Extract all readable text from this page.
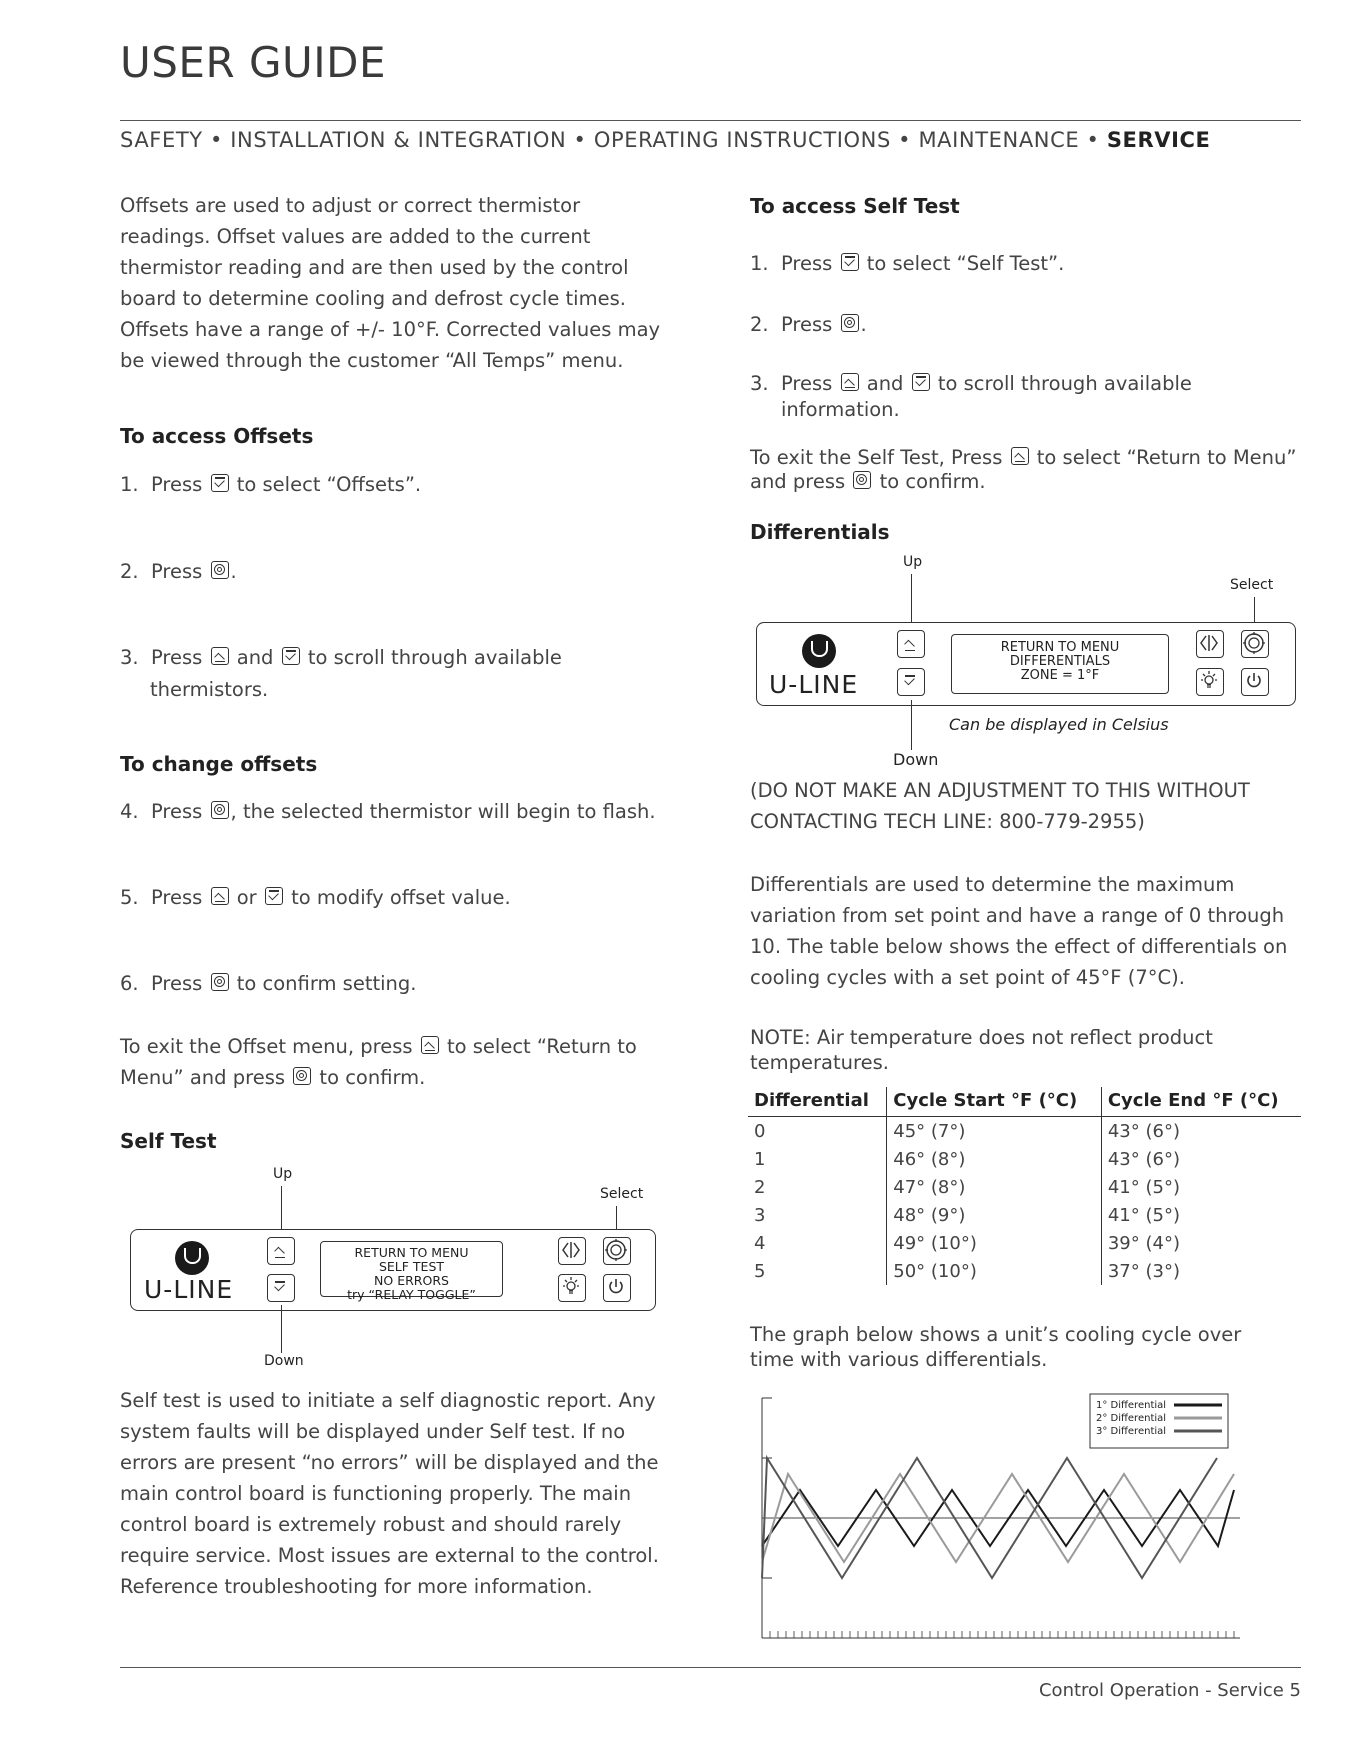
USER GUIDE
SAFETY • INSTALLATION & INTEGRATION • OPERATING INSTRUCTIONS • MAINTENANCE • SERVICE

Offsets are used to adjust or correct thermistor readings. Offset values are added to the current thermistor reading and are then used by the control board to determine cooling and defrost cycle times. Offsets have a range of +/- 10°F. Corrected values may be viewed through the customer “All Temps” menu.

To access Offsets
1. Press to select “Offsets”.
2. Press .
3. Press and to scroll through available
thermistors.
To change offsets
4. Press , the selected thermistor will begin to flash.
5. Press or to modify offset value.
6. Press to confirm setting.
To exit the Offset menu, press to select “Return to
Menu” and press to confirm.
Self Test
Up
Select
U-LINE
RETURN TO MENU
SELF TEST
NO ERRORS
try “RELAY TOGGLE”
Down

Self test is used to initiate a self diagnostic report. Any system faults will be displayed under Self test. If no errors are present “no errors” will be displayed and the main control board is functioning properly. The main control board is extremely robust and should rarely require service. Most issues are external to the control. Reference troubleshooting for more information.

To access Self Test
1. Press to select “Self Test”.
2. Press .
3. Press and to scroll through available
information.
To exit the Self Test, Press to select “Return to Menu”
and press to confirm.
Differentials
Up
Select
U-LINE
RETURN TO MENU
DIFFERENTIALS
ZONE = 1°F
Can be displayed in Celsius
Down

(DO NOT MAKE AN ADJUSTMENT TO THIS WITHOUT CONTACTING TECH LINE: 800-779-2955)

Differentials are used to determine the maximum variation from set point and have a range of 0 through 10. The table below shows the effect of differentials on cooling cycles with a set point of 45°F (7°C).

NOTE: Air temperature does not reflect product temperatures.

Differential	Cycle Start °F (°C)	Cycle End °F (°C)
0	45° (7°)	43° (6°)
1	46° (8°)	43° (6°)
2	47° (8°)	41° (5°)
3	48° (9°)	41° (5°)
4	49° (10°)	39° (4°)
5	50° (10°)	37° (3°)

The graph below shows a unit’s cooling cycle over time with various differentials.

1° Differential
2° Differential
3° Differential
Control Operation - Service 5
